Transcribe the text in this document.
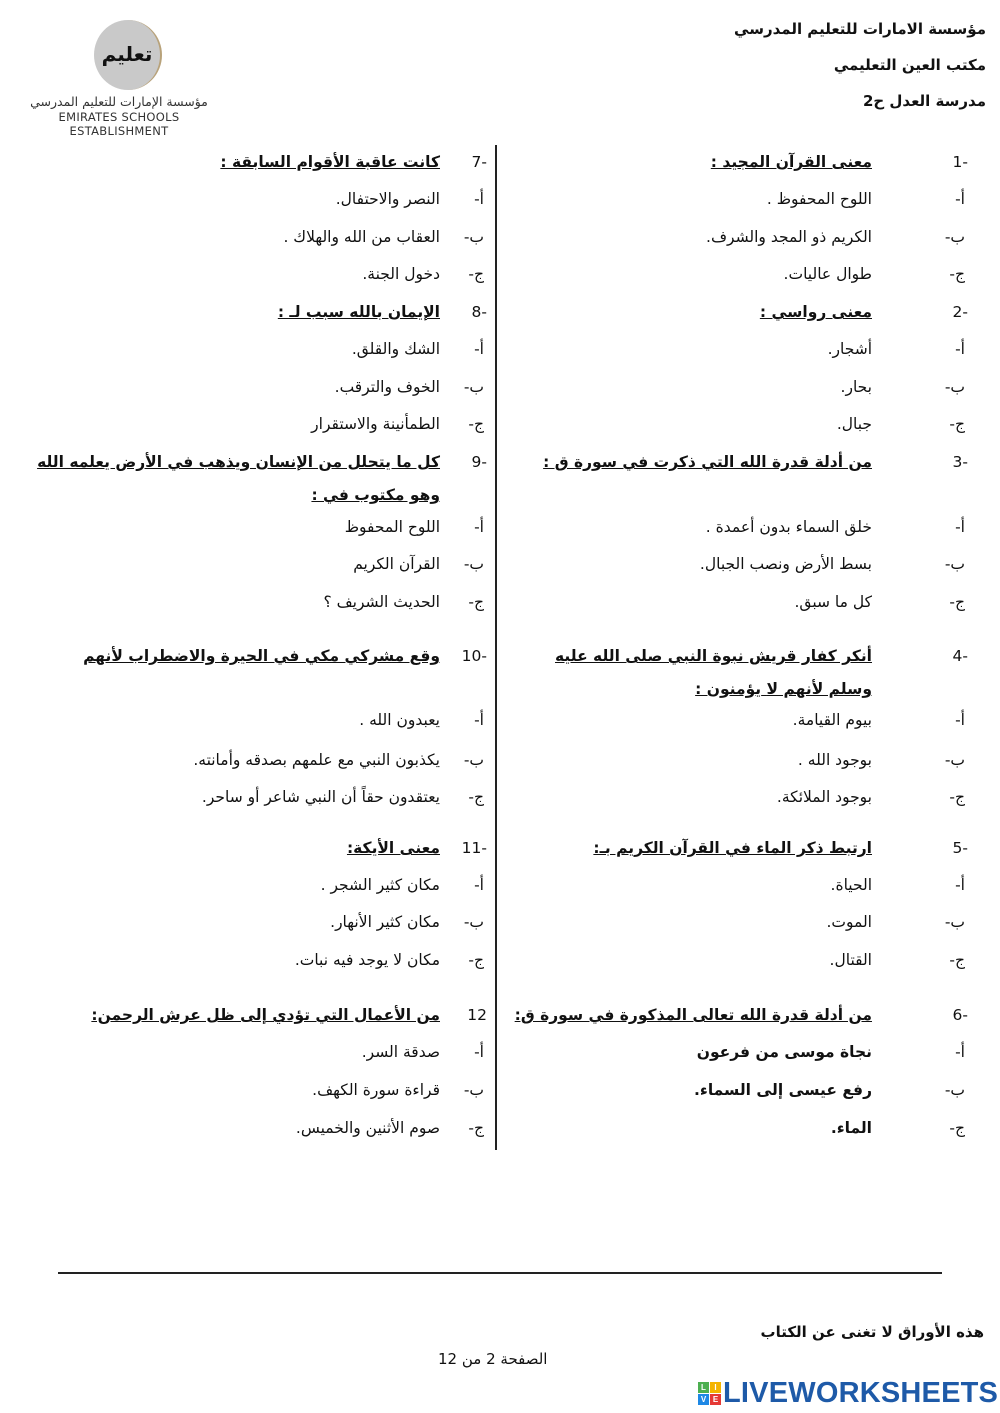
مؤسسة الامارات للتعليم المدرسي
مكتب العين التعليمي
مدرسة العدل ح2
تعليم
مؤسسة الإمارات للتعليم المدرسي
EMIRATES SCHOOLS ESTABLISHMENT
-1
معنى القرآن المجيد :
أ-
اللوح المحفوظ .
ب-
الكريم ذو المجد والشرف.
ج-
طوال عاليات.
-2
معنى رواسي :
أ-
أشجار.
ب-
بحار.
ج-
جبال.
-3
من أدلة قدرة الله التي ذكرت في سورة ق :
أ-
خلق السماء بدون أعمدة .
ب-
بسط الأرض ونصب الجبال.
ج-
كل ما سبق.
-4
أنكر كفار قريش نبوة النبي صلى الله عليه وسلم لأنهم لا يؤمنون :
أ-
بيوم القيامة.
ب-
بوجود الله .
ج-
بوجود الملائكة.
-5
ارتبط ذكر الماء في القرآن الكريم بـ:
أ-
الحياة.
ب-
الموت.
ج-
القتال.
-6
من أدلة قدرة الله تعالى المذكورة في سورة ق:
أ-
نجاة موسى من فرعون
ب-
رفع عيسى إلى السماء.
ج-
الماء.
-7
كانت عاقبة الأقوام السابقة :
أ-
النصر والاحتفال.
ب-
العقاب من الله والهلاك .
ج-
دخول الجنة.
-8
الإيمان بالله سبب لـ :
أ-
الشك والقلق.
ب-
الخوف والترقب.
ج-
الطمأنينة والاستقرار
-9
كل ما يتحلل من الإنسان ويذهب في الأرض يعلمه الله وهو مكتوب في :
أ-
اللوح المحفوظ
ب-
القرآن الكريم
ج-
الحديث الشريف ؟
-10
وقع مشركي مكي في الحيرة والاضطراب لأنهم
أ-
يعبدون الله .
ب-
يكذبون النبي مع علمهم بصدقه وأمانته.
ج-
يعتقدون حقاً أن النبي شاعر أو ساحر.
-11
معنى الأيكة:
أ-
مكان كثير الشجر .
ب-
مكان كثير الأنهار.
ج-
مكان لا يوجد فيه نبات.
12
من الأعمال التي تؤدي إلى ظل عرش الرحمن:
أ-
صدقة السر.
ب-
قراءة سورة الكهف.
ج-
صوم الأثنين والخميس.
هذه الأوراق لا تغنى عن الكتاب
الصفحة 2 من 12
L	I
V E LIVEWORKSHEETS
